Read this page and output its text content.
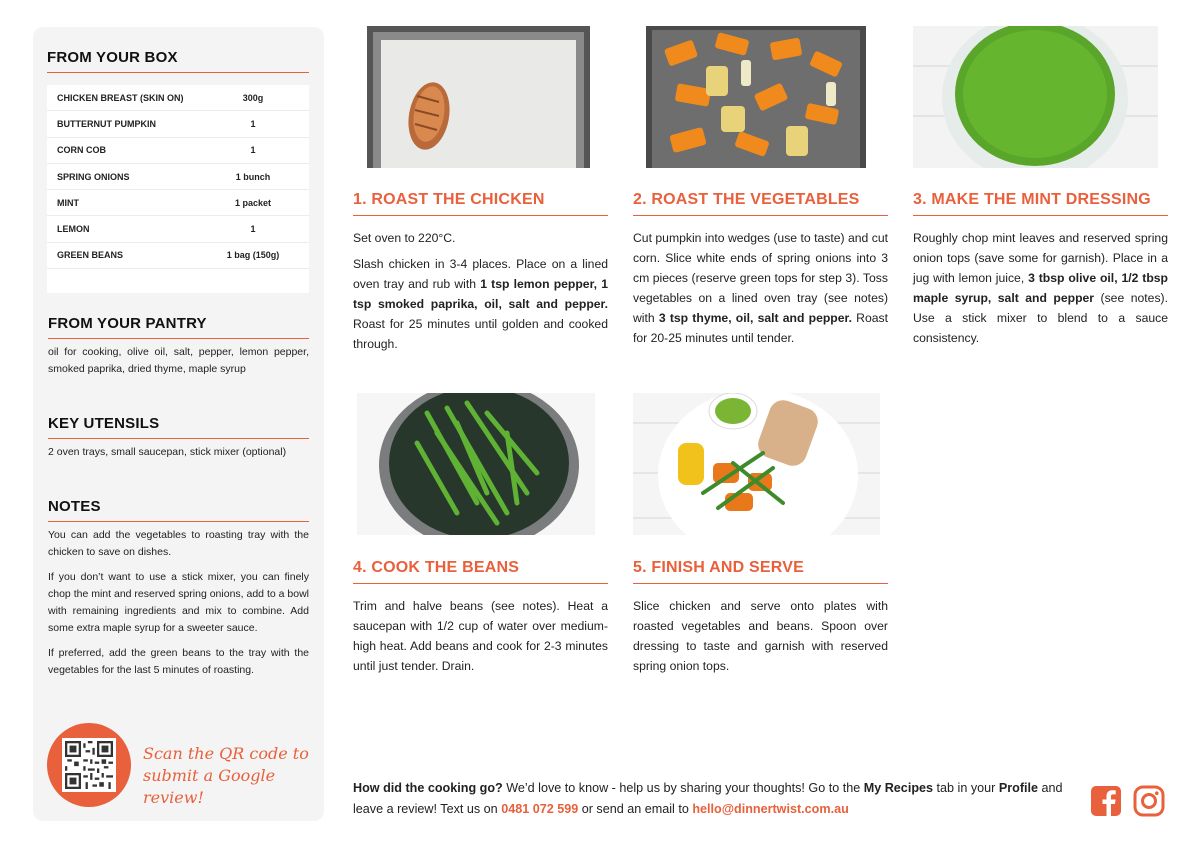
FROM YOUR BOX
CHICKEN BREAST (SKIN ON)	300g
BUTTERNUT PUMPKIN	1
CORN COB	1
SPRING ONIONS	1 bunch
MINT	1 packet
LEMON	1
GREEN BEANS	1 bag (150g)
FROM YOUR PANTRY
oil for cooking, olive oil, salt, pepper, lemon pepper, smoked paprika, dried thyme, maple syrup
KEY UTENSILS
2 oven trays, small saucepan, stick mixer (optional)
NOTES

You can add the vegetables to roasting tray with the chicken to save on dishes.

If you don’t want to use a stick mixer, you can finely chop the mint and reserved spring onions, add to a bowl with remaining ingredients and mix to combine. Add some extra maple syrup for a sweeter sauce.

If preferred, add the green beans to the tray with the vegetables for the last 5 minutes of roasting.

Scan the QR code to
submit a Google review!
1. ROAST THE CHICKEN

Set oven to 220°C.

Slash chicken in 3-4 places. Place on a lined oven tray and rub with 1 tsp lemon pepper, 1 tsp smoked paprika, oil, salt and pepper. Roast for 25 minutes until golden and cooked through.

2. ROAST THE VEGETABLES

Cut pumpkin into wedges (use to taste) and cut corn. Slice white ends of spring onions into 3 cm pieces (reserve green tops for step 3). Toss vegetables on a lined oven tray (see notes) with 3 tsp thyme, oil, salt and pepper. Roast for 20-25 minutes until tender.

3. MAKE THE MINT DRESSING

Roughly chop mint leaves and reserved spring onion tops (save some for garnish). Place in a jug with lemon juice, 3 tbsp olive oil, 1/2 tbsp maple syrup, salt and pepper (see notes). Use a stick mixer to blend to a sauce consistency.

4. COOK THE BEANS

Trim and halve beans (see notes). Heat a saucepan with 1/2 cup of water over medium-high heat. Add beans and cook for 2-3 minutes until just tender. Drain.

5. FINISH AND SERVE

Slice chicken and serve onto plates with roasted vegetables and beans. Spoon over dressing to taste and garnish with reserved spring onion tops.

How did the cooking go? We’d love to know - help us by sharing your thoughts! Go to the My Recipes tab in your Profile and leave a review! Text us on 0481 072 599 or send an email to hello@dinnertwist.com.au
